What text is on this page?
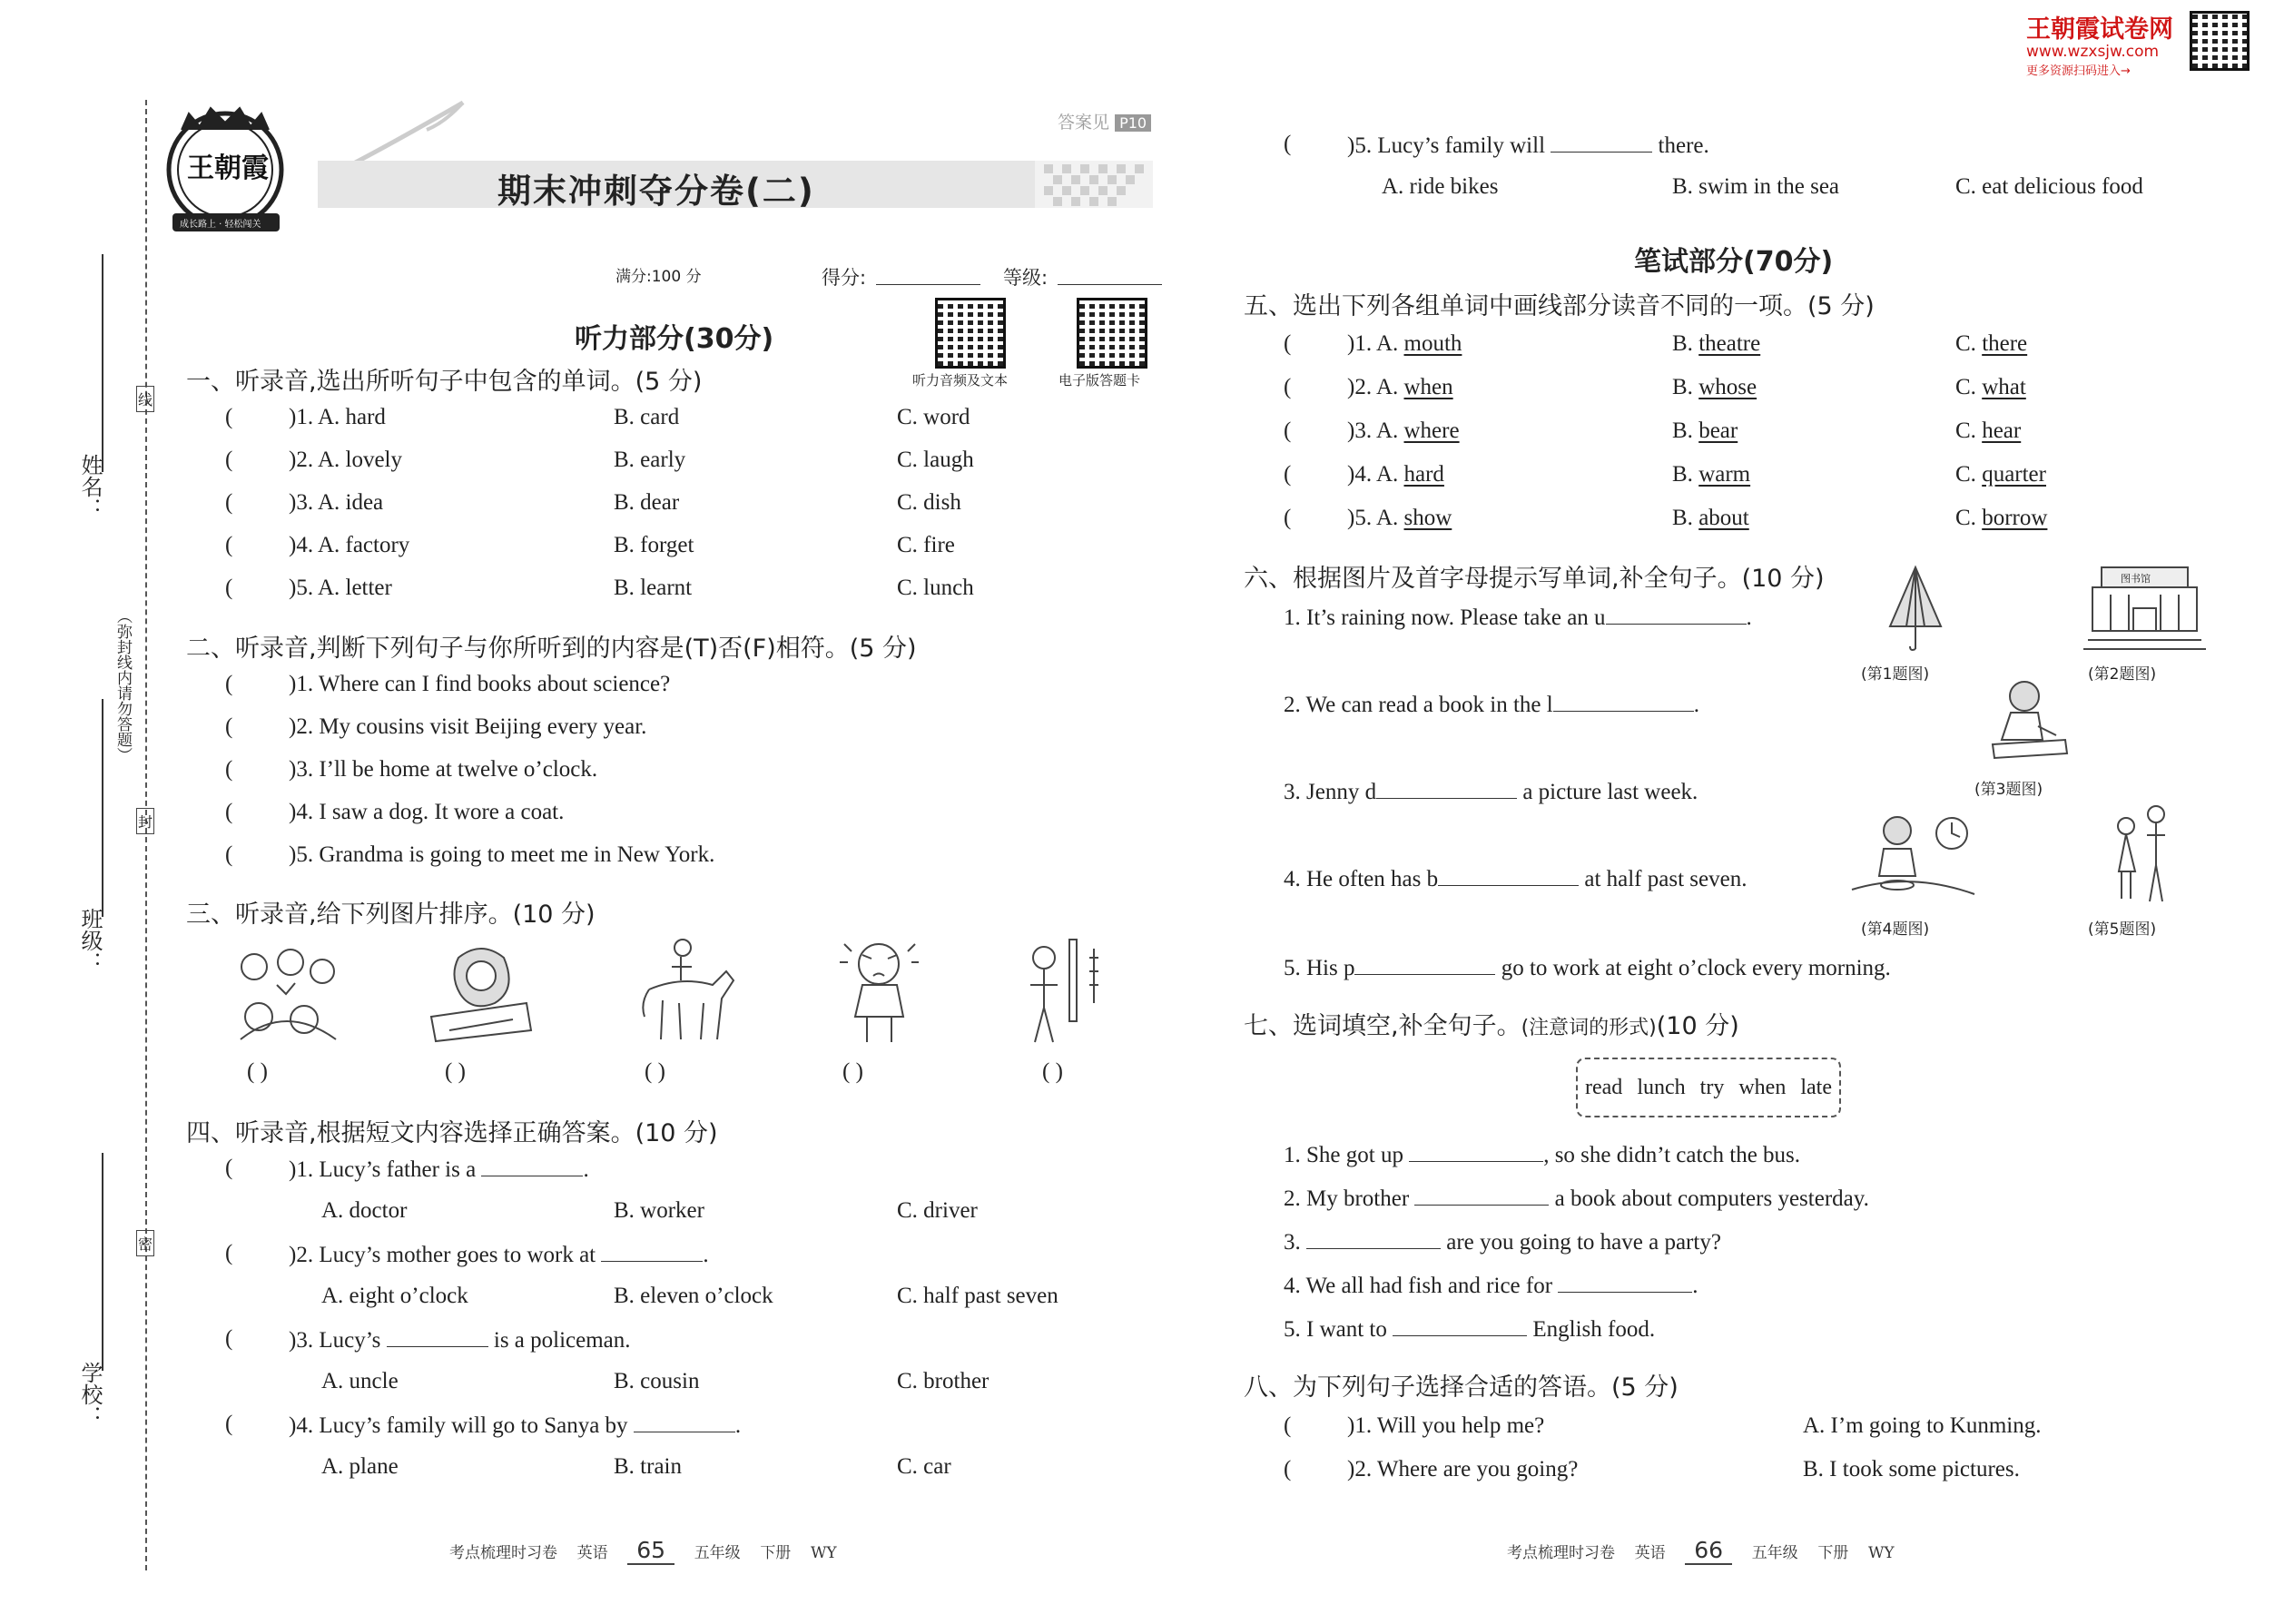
姓名：
班级：
学校：
（弥封线内请勿答题）
线
封
密
王朝霞试卷网
www.wzxsjw.com
更多资源扫码进入→
王朝霞
成长路上 · 轻松闯关
答案见 P10
期末冲刺夺分卷(二)
满分:100 分	得分:	等级:
听力音频及文本	电子版答题卡
听力部分(30分)
一、听录音,选出所听句子中包含的单词。(5 分)
( )1. A. hard	B. card	C. word
( )2. A. lovely	B. early	C. laugh
( )3. A. idea	B. dear	C. dish
( )4. A. factory	B. forget	C. fire
( )5. A. letter	B. learnt	C. lunch
二、听录音,判断下列句子与你所听到的内容是(T)否(F)相符。(5 分)
( )1. Where can I find books about science?
( )2. My cousins visit Beijing every year.
( )3. I’ll be home at twelve o’clock.
( )4. I saw a dog. It wore a coat.
( )5. Grandma is going to meet me in New York.
三、听录音,给下列图片排序。(10 分)
( )	( )	( )	( )	( )
四、听录音,根据短文内容选择正确答案。(10 分)
( )1. Lucy’s father is a	.
A. doctor	B. worker	C. driver
( )2. Lucy’s mother goes to work at	.
A. eight o’clock	B. eleven o’clock	C. half past seven
( )3. Lucy’s	is a policeman.
A. uncle	B. cousin	C. brother
( )4. Lucy’s family will go to Sanya by	.
A. plane	B. train	C. car
考点梳理时习卷 英语 65 五年级 下册 WY
( )5. Lucy’s family will	there.
A. ride bikes	B. swim in the sea	C. eat delicious food
笔试部分(70分)
五、选出下列各组单词中画线部分读音不同的一项。(5 分)
( )1. A. mouth	B. theatre	C. there
( )2. A. when	B. whose	C. what
( )3. A. where	B. bear	C. hear
( )4. A. hard	B. warm	C. quarter
( )5. A. show	B. about	C. borrow
六、根据图片及首字母提示写单词,补全句子。(10 分)
1. It’s raining now. Please take an u	.
2. We can read a book in the l	.
3. Jenny d	a picture last week.
4. He often has b	at half past seven.
5. His p	go to work at eight o’clock every morning.
(第1题图)
图书馆
(第2题图)
(第3题图)
(第4题图)	(第5题图)
七、选词填空,补全句子。(注意词的形式)(10 分)
read lunch try when late
1. She got up	, so she didn’t catch the bus.
2. My brother	a book about computers yesterday.
3.	are you going to have a party?
4. We all had fish and rice for	.
5. I want to	English food.
八、为下列句子选择合适的答语。(5 分)
( )1. Will you help me?	A. I’m going to Kunming.
( )2. Where are you going?	B. I took some pictures.
考点梳理时习卷 英语 66 五年级 下册 WY
